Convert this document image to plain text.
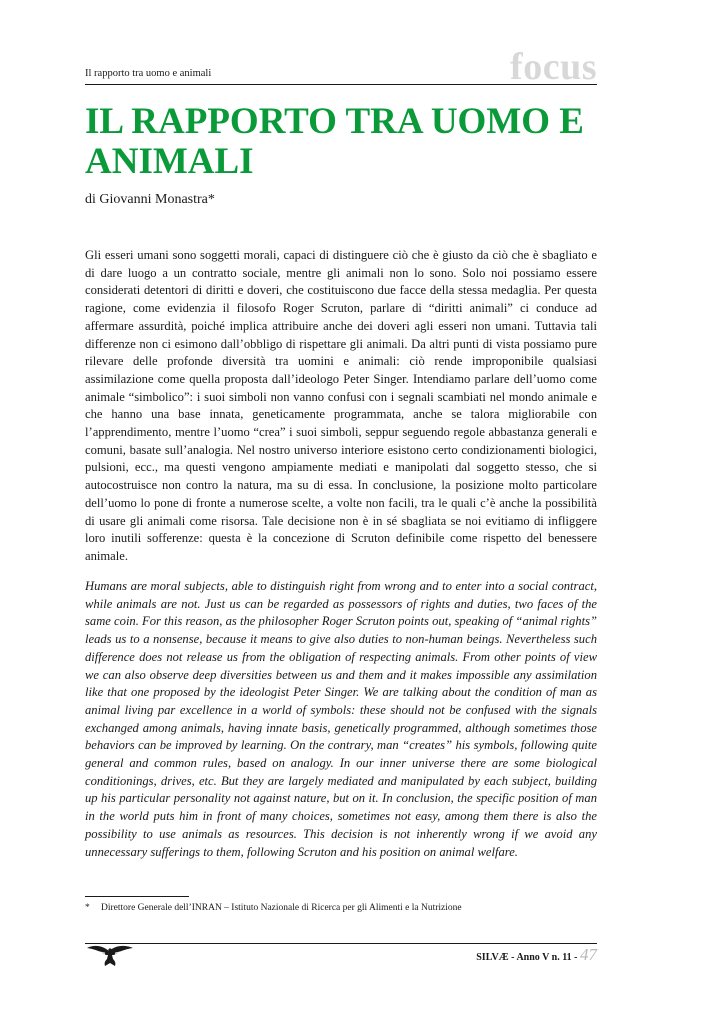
Il rapporto tra uomo e animali	focus
IL RAPPORTO TRA UOMO E ANIMALI
di Giovanni Monastra*

Gli esseri umani sono soggetti morali, capaci di distinguere ciò che è giusto da ciò che è sbagliato e di dare luogo a un contratto sociale, mentre gli animali non lo sono. Solo noi possiamo essere considerati detentori di diritti e doveri, che costituiscono due facce della stessa medaglia. Per questa ragione, come evidenzia il filosofo Roger Scruton, parlare di “diritti animali” ci conduce ad affermare assurdità, poiché implica attribuire anche dei doveri agli esseri non umani. Tuttavia tali differenze non ci esimono dall’obbligo di rispettare gli animali. Da altri punti di vista possiamo pure rilevare delle profonde diversità tra uomini e animali: ciò rende improponibile qualsiasi assimilazione come quella proposta dall’ideologo Peter Singer. Intendiamo parlare dell’uomo come animale “simbolico”: i suoi simboli non vanno confusi con i segnali scambiati nel mondo animale e che hanno una base innata, geneticamente programmata, anche se talora migliorabile con l’apprendimento, mentre l’uomo “crea” i suoi simboli, seppur seguendo regole abbastanza generali e comuni, basate sull’analogia. Nel nostro universo interiore esistono certo condizionamenti biologici, pulsioni, ecc., ma questi vengono ampiamente mediati e manipolati dal soggetto stesso, che si autocostruisce non contro la natura, ma su di essa. In conclusione, la posizione molto particolare dell’uomo lo pone di fronte a numerose scelte, a volte non facili, tra le quali c’è anche la possibilità di usare gli animali come risorsa. Tale decisione non è in sé sbagliata se noi evitiamo di infliggere loro inutili sofferenze: questa è la concezione di Scruton definibile come rispetto del benessere animale.

Humans are moral subjects, able to distinguish right from wrong and to enter into a social contract, while animals are not. Just us can be regarded as possessors of rights and duties, two faces of the same coin. For this reason, as the philosopher Roger Scruton points out, speaking of “animal rights” leads us to a nonsense, because it means to give also duties to non-human beings. Nevertheless such difference does not release us from the obligation of respecting animals. From other points of view we can also observe deep diversities between us and them and it makes impossible any assimilation like that one proposed by the ideologist Peter Singer. We are talking about the condition of man as animal living par excellence in a world of symbols: these should not be confused with the signals exchanged among animals, having innate basis, genetically programmed, although sometimes those behaviors can be improved by learning. On the contrary, man “creates” his symbols, following quite general and common rules, based on analogy. In our inner universe there are some biological conditionings, drives, etc. But they are largely mediated and manipulated by each subject, building up his particular personality not against nature, but on it. In conclusion, the specific position of man in the world puts him in front of many choices, sometimes not easy, among them there is also the possibility to use animals as resources. This decision is not inherently wrong if we avoid any unnecessary sufferings to them, following Scruton and his position on animal welfare.

* Direttore Generale dell’INRAN – Istituto Nazionale di Ricerca per gli Alimenti e la Nutrizione
SILVÆ - Anno V n. 11 - 47
